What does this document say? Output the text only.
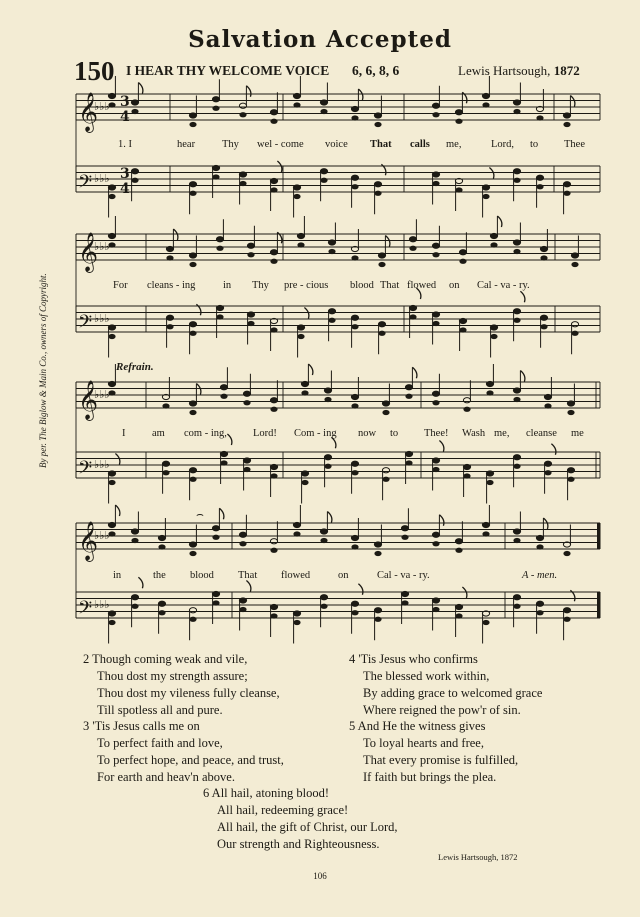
Salvation Accepted
150 I HEAR THY WELCOME VOICE 6, 6, 8, 6	Lewis Hartsough, 1872
𝄞
♭♭♭ 3
4
𝄢 ♭♭♭ 3
4
𝄞
♭♭♭
𝄢 ♭♭♭
𝄞
♭♭♭
𝄢 ♭♭♭
𝄞
♭♭♭
𝄢 ♭♭♭
⌢
1. I	hear	Thy wel - come voice That calls me,	Lord, to Thee
For cleans - ing	in Thy pre - cious blood That flowed on Cal - va - ry.
Refrain.
I	am com - ing, Lord! Com - ing now to Thee! Wash me, cleanse me
in	the blood That flowed	on	Cal - va - ry.	A - men.
By per. The Biglow & Main Co., owners of Copyright.
2 Though coming weak and vile,
Thou dost my strength assure;
Thou dost my vileness fully cleanse,
Till spotless all and pure.
3 'Tis Jesus calls me on
To perfect faith and love,
To perfect hope, and peace, and trust,
For earth and heav'n above.
4 'Tis Jesus who confirms
The blessed work within,
By adding grace to welcomed grace
Where reigned the pow'r of sin.
5 And He the witness gives
To loyal hearts and free,
That every promise is fulfilled,
If faith but brings the plea.
6 All hail, atoning blood!
All hail, redeeming grace!
All hail, the gift of Christ, our Lord,
Our strength and Righteousness.
Lewis Hartsough, 1872
106
